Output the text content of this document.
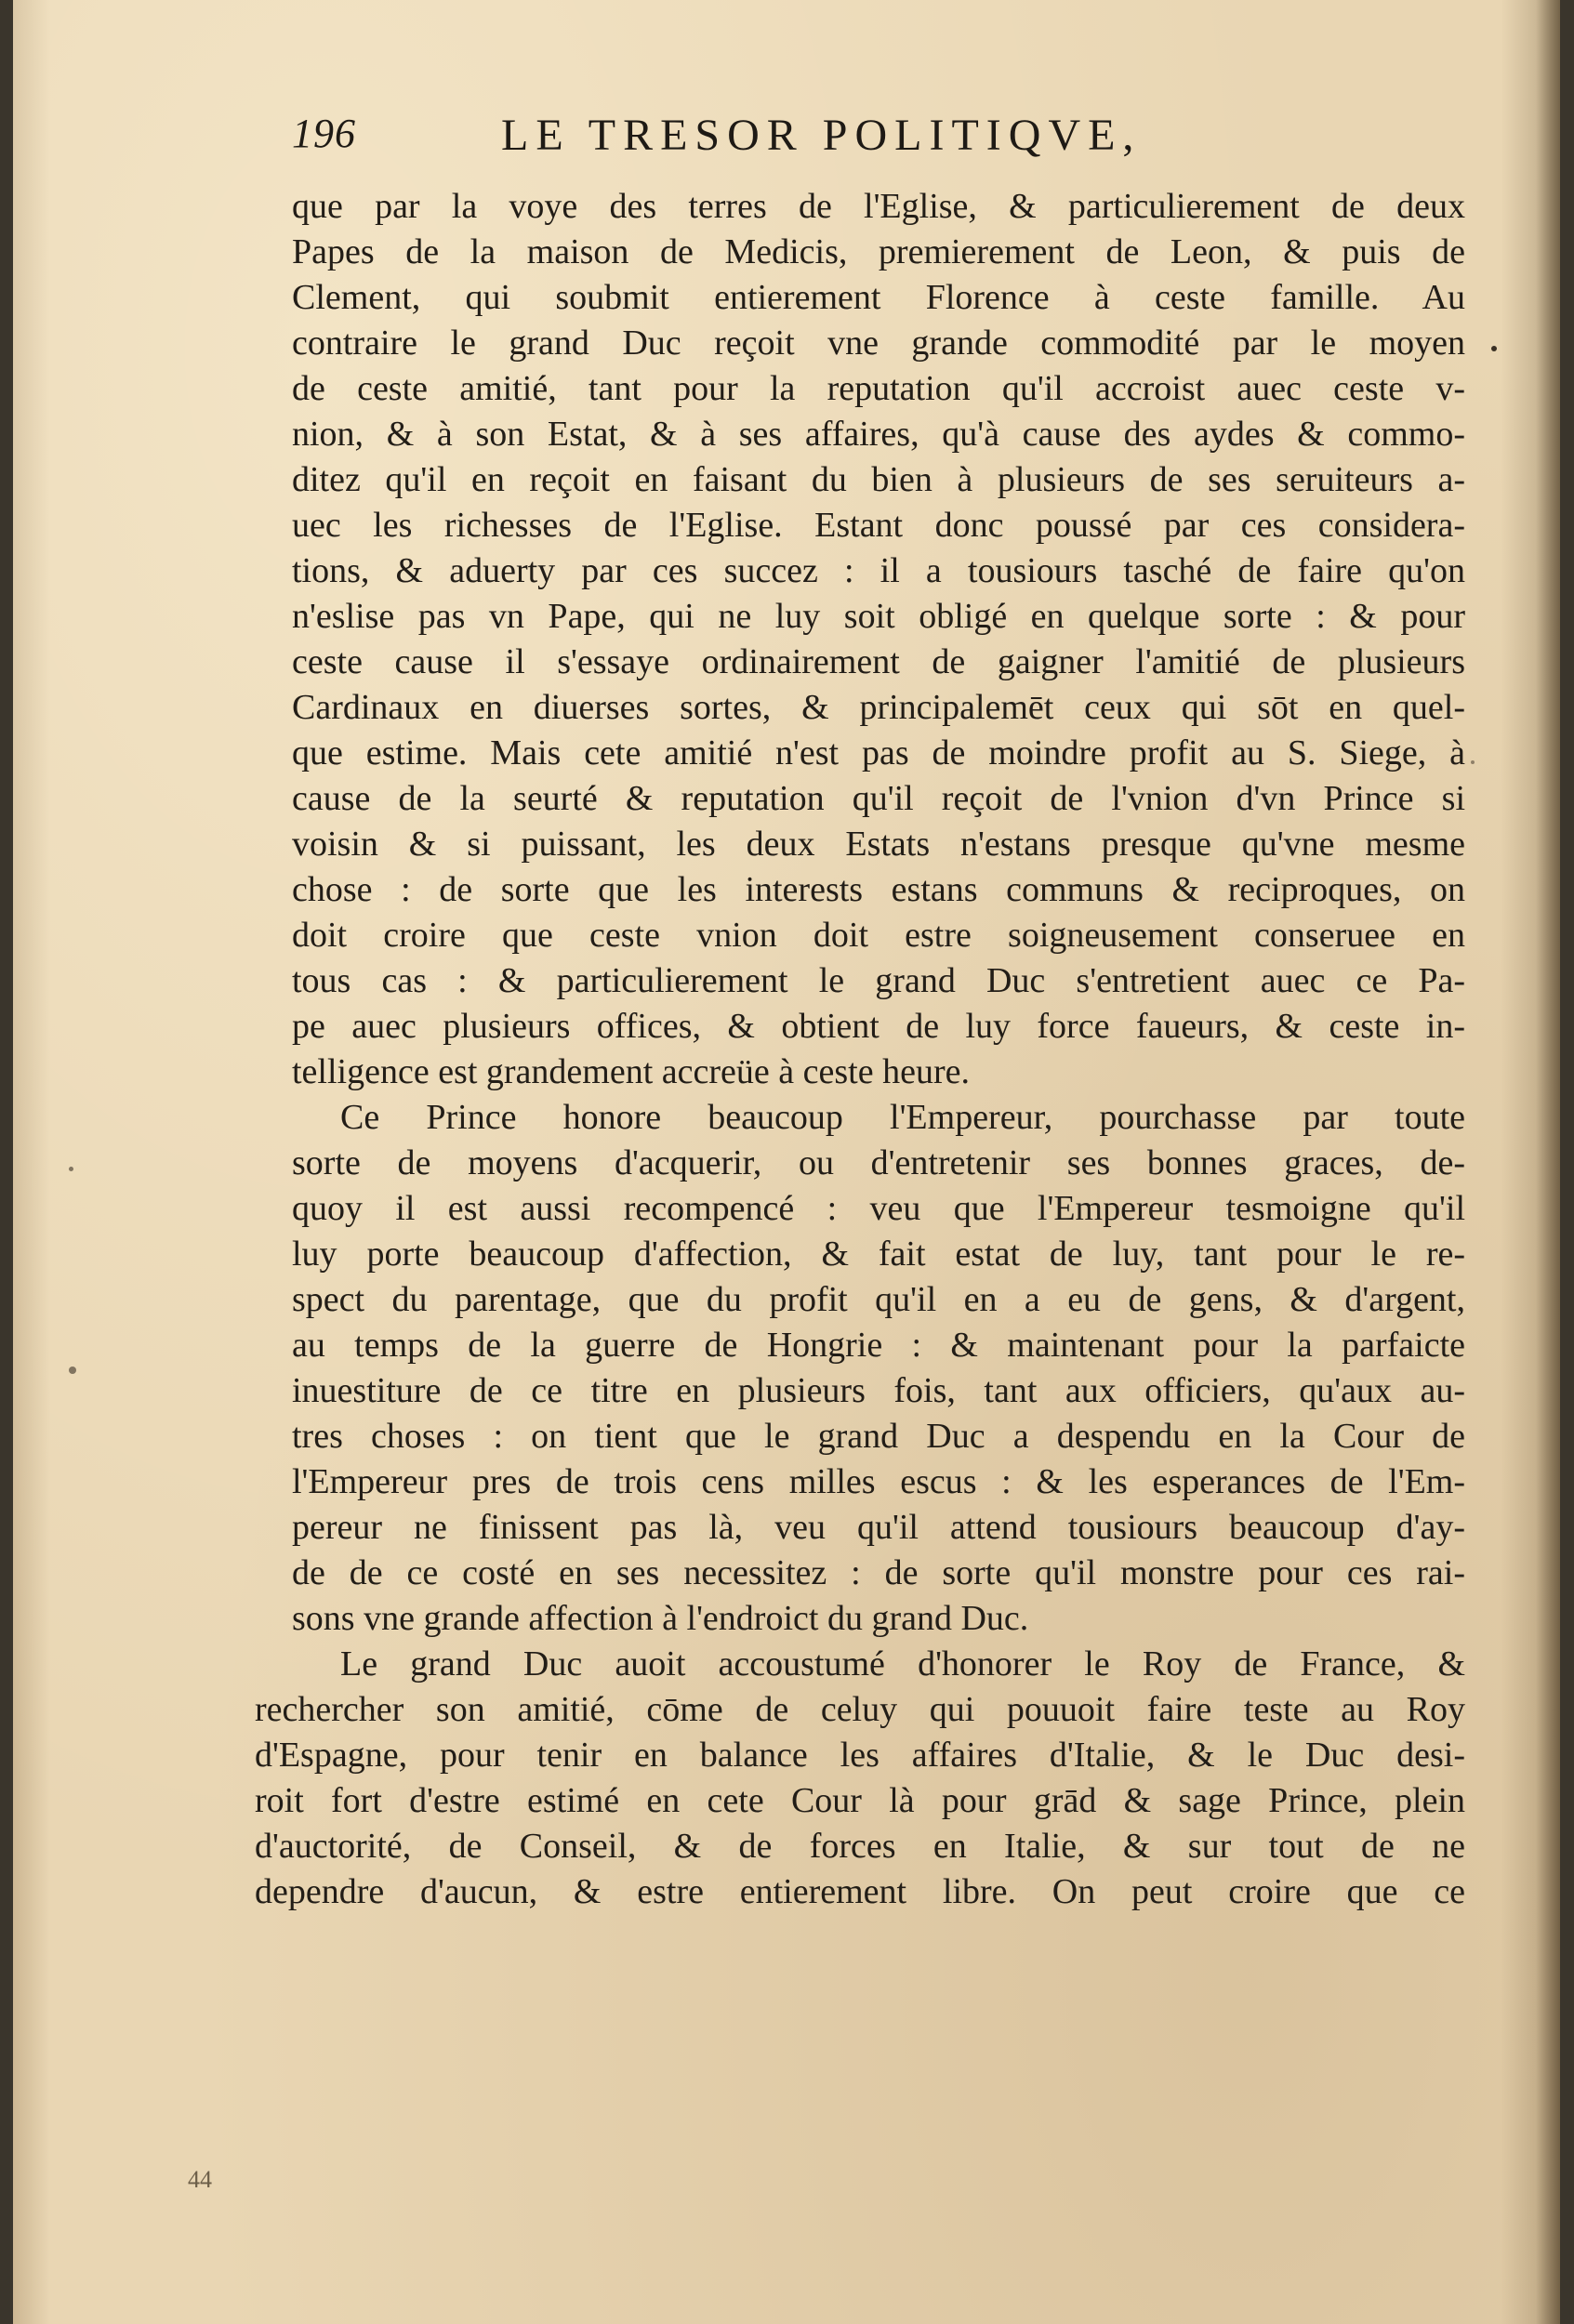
196	LE TRESOR POLITIQVE,
que par la voye des terres de l'Eglise, & particulierement de deux
Papes de la maison de Medicis, premierement de Leon, & puis de
Clement, qui soubmit entierement Florence à ceste famille. Au
contraire le grand Duc reçoit vne grande commodité par le moyen
de ceste amitié, tant pour la reputation qu'il accroist auec ceste v-
nion, & à son Estat, & à ses affaires, qu'à cause des aydes & commo-
ditez qu'il en reçoit en faisant du bien à plusieurs de ses seruiteurs a-
uec les richesses de l'Eglise. Estant donc poussé par ces considera-
tions, & aduerty par ces succez : il a tousiours tasché de faire qu'on
n'eslise pas vn Pape, qui ne luy soit obligé en quelque sorte : & pour
ceste cause il s'essaye ordinairement de gaigner l'amitié de plusieurs
Cardinaux en diuerses sortes, & principalemēt ceux qui sōt en quel-
que estime. Mais cete amitié n'est pas de moindre profit au S. Siege, à
cause de la seurté & reputation qu'il reçoit de l'vnion d'vn Prince si
voisin & si puissant, les deux Estats n'estans presque qu'vne mesme
chose : de sorte que les interests estans communs & reciproques, on
doit croire que ceste vnion doit estre soigneusement conseruee en
tous cas : & particulierement le grand Duc s'entretient auec ce Pa-
pe auec plusieurs offices, & obtient de luy force faueurs, & ceste in-
telligence est grandement accreüe à ceste heure.
Ce Prince honore beaucoup l'Empereur, pourchasse par toute
sorte de moyens d'acquerir, ou d'entretenir ses bonnes graces, de-
quoy il est aussi recompencé : veu que l'Empereur tesmoigne qu'il
luy porte beaucoup d'affection, & fait estat de luy, tant pour le re-
spect du parentage, que du profit qu'il en a eu de gens, & d'argent,
au temps de la guerre de Hongrie : & maintenant pour la parfaicte
inuestiture de ce titre en plusieurs fois, tant aux officiers, qu'aux au-
tres choses : on tient que le grand Duc a despendu en la Cour de
l'Empereur pres de trois cens milles escus : & les esperances de l'Em-
pereur ne finissent pas là, veu qu'il attend tousiours beaucoup d'ay-
de de ce costé en ses necessitez : de sorte qu'il monstre pour ces rai-
sons vne grande affection à l'endroict du grand Duc.
Le grand Duc auoit accoustumé d'honorer le Roy de France, &
rechercher son amitié, cōme de celuy qui pouuoit faire teste au Roy
d'Espagne, pour tenir en balance les affaires d'Italie, & le Duc desi-
roit fort d'estre estimé en cete Cour là pour grād & sage Prince, plein
d'auctorité, de Conseil, & de forces en Italie, & sur tout de ne
dependre d'aucun, & estre entierement libre. On peut croire que ce
44
